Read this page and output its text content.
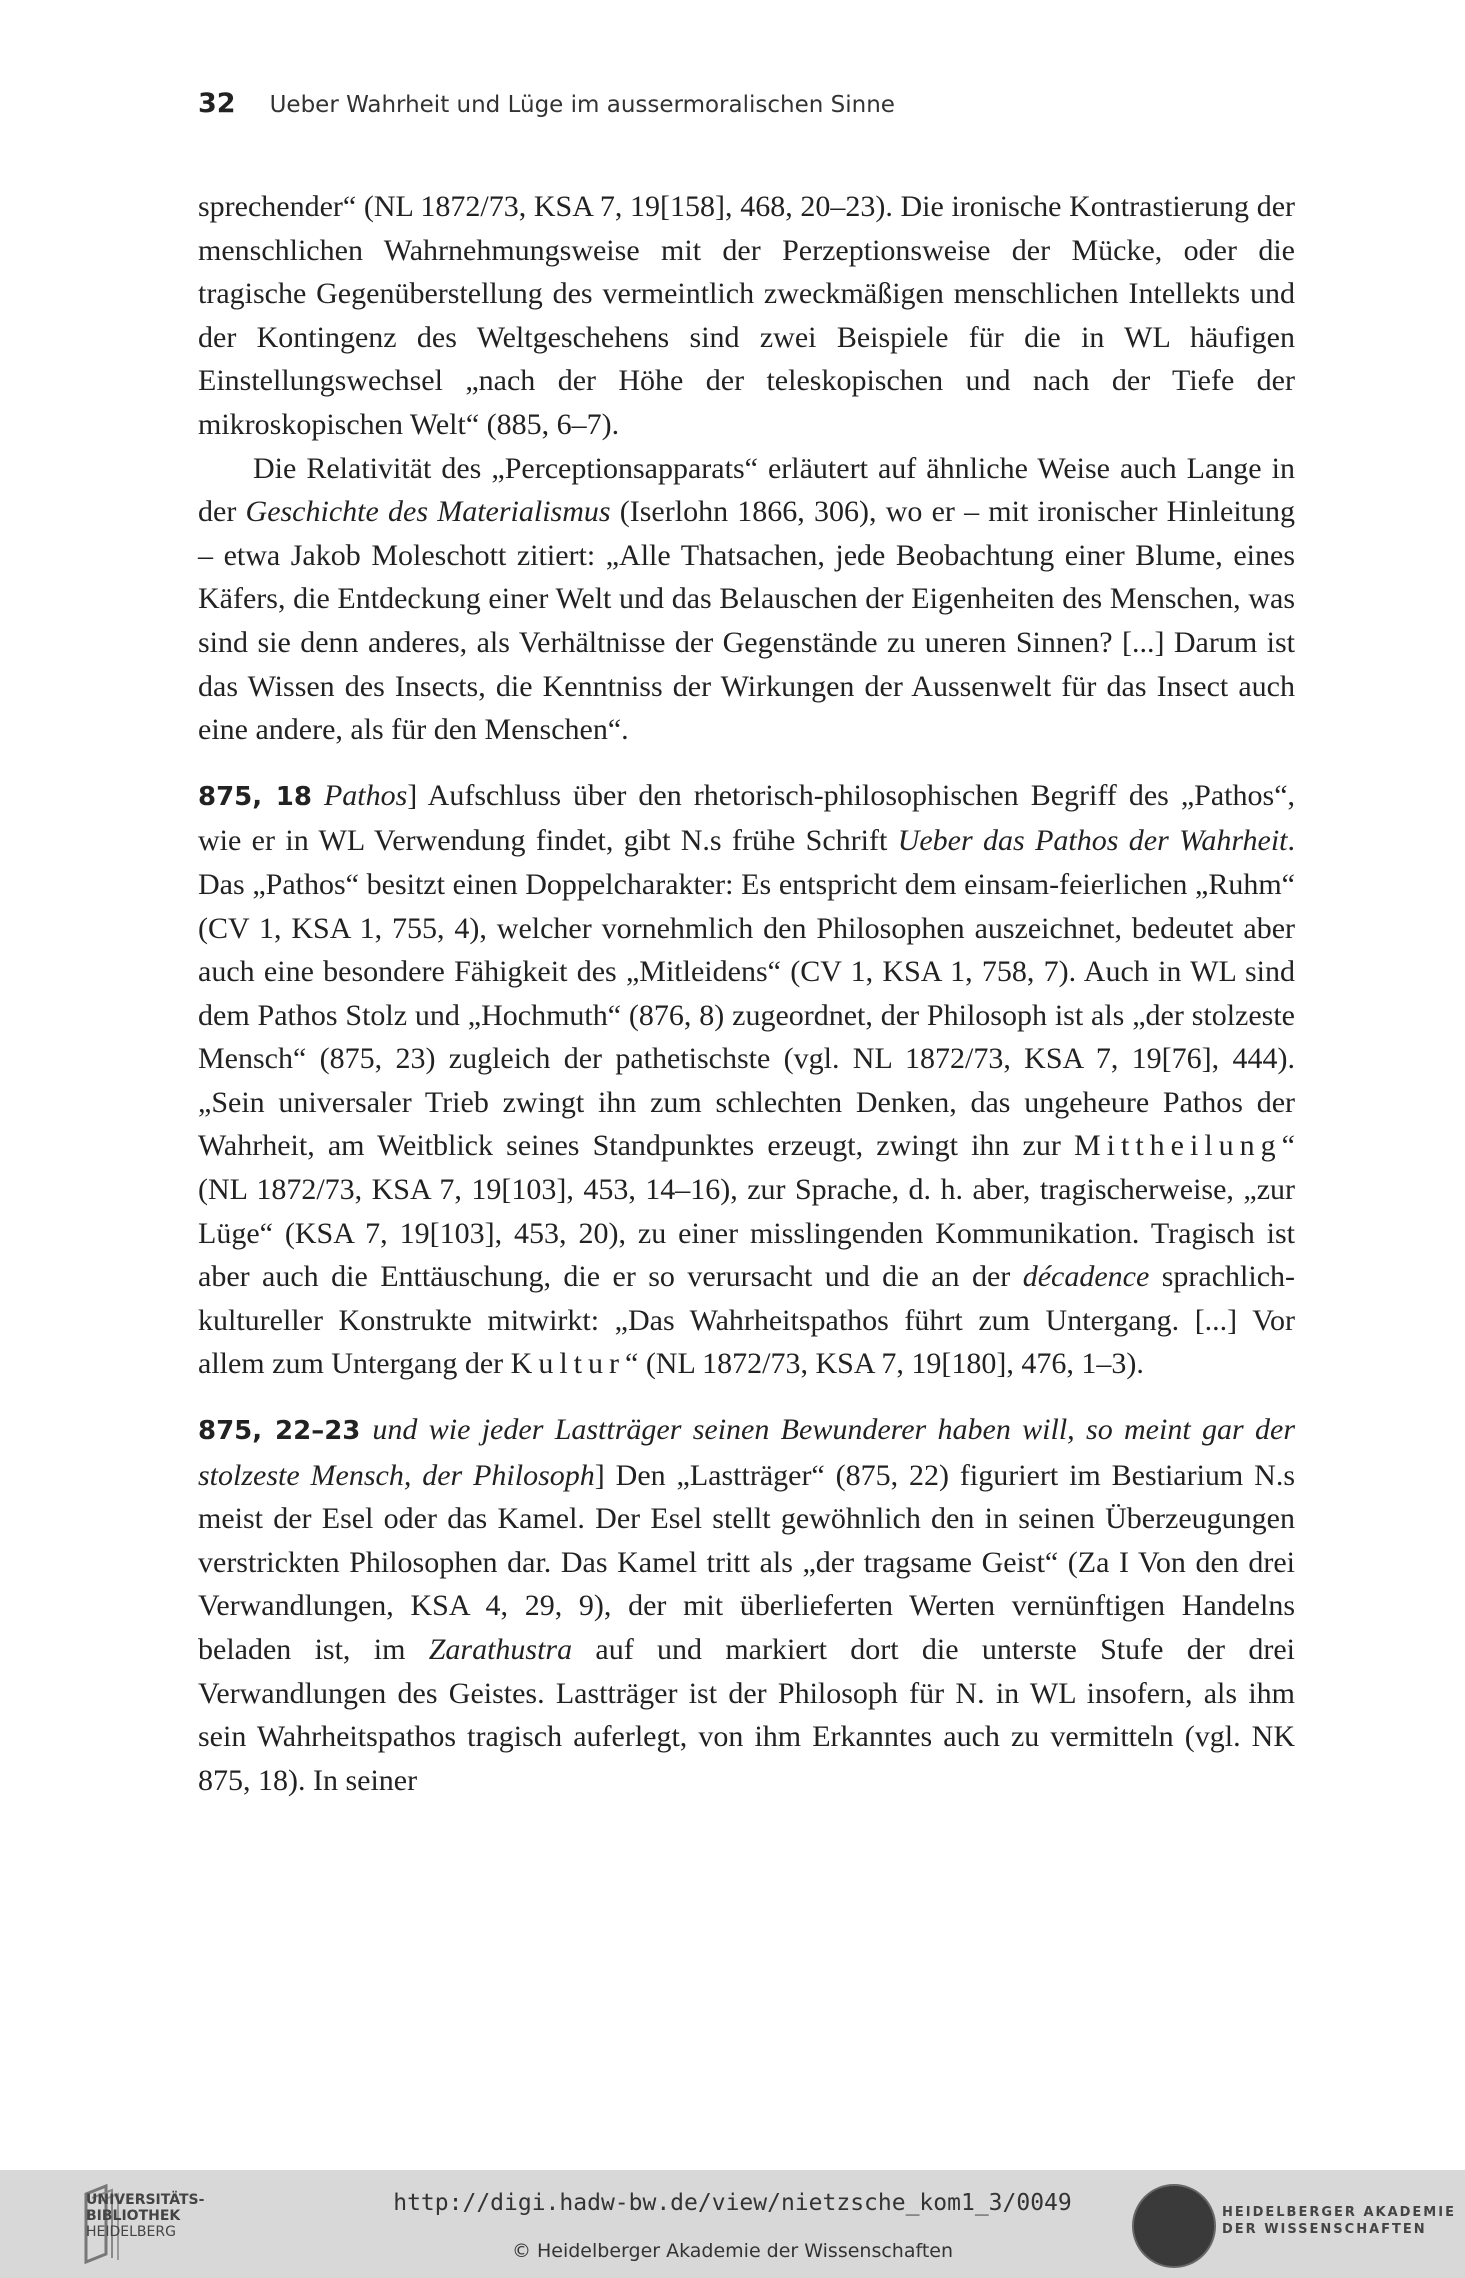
32 Ueber Wahrheit und Lüge im aussermoralischen Sinne

sprechender“ (NL 1872/73, KSA 7, 19[158], 468, 20–23). Die ironische Kontrastierung der menschlichen Wahrnehmungsweise mit der Perzeptionsweise der Mücke, oder die tragische Gegenüberstellung des vermeintlich zweckmäßigen menschlichen Intellekts und der Kontingenz des Weltgeschehens sind zwei Beispiele für die in WL häufigen Einstellungswechsel „nach der Höhe der teleskopischen und nach der Tiefe der mikroskopischen Welt“ (885, 6–7).

Die Relativität des „Perceptionsapparats“ erläutert auf ähnliche Weise auch Lange in der Geschichte des Materialismus (Iserlohn 1866, 306), wo er – mit ironischer Hinleitung – etwa Jakob Moleschott zitiert: „Alle Thatsachen, jede Beobachtung einer Blume, eines Käfers, die Entdeckung einer Welt und das Belauschen der Eigenheiten des Menschen, was sind sie denn anderes, als Verhältnisse der Gegenstände zu uneren Sinnen? [...] Darum ist das Wissen des Insects, die Kenntniss der Wirkungen der Aussenwelt für das Insect auch eine andere, als für den Menschen“.

875, 18 Pathos] Aufschluss über den rhetorisch-philosophischen Begriff des „Pathos“, wie er in WL Verwendung findet, gibt N.s frühe Schrift Ueber das Pathos der Wahrheit. Das „Pathos“ besitzt einen Doppelcharakter: Es entspricht dem einsam-feierlichen „Ruhm“ (CV 1, KSA 1, 755, 4), welcher vornehmlich den Philosophen auszeichnet, bedeutet aber auch eine besondere Fähigkeit des „Mitleidens“ (CV 1, KSA 1, 758, 7). Auch in WL sind dem Pathos Stolz und „Hochmuth“ (876, 8) zugeordnet, der Philosoph ist als „der stolzeste Mensch“ (875, 23) zugleich der pathetischste (vgl. NL 1872/73, KSA 7, 19[76], 444). „Sein universaler Trieb zwingt ihn zum schlechten Denken, das ungeheure Pathos der Wahrheit, am Weitblick seines Standpunktes erzeugt, zwingt ihn zur Mittheilung“ (NL 1872/73, KSA 7, 19[103], 453, 14–16), zur Sprache, d. h. aber, tragischerweise, „zur Lüge“ (KSA 7, 19[103], 453, 20), zu einer misslingenden Kommunikation. Tragisch ist aber auch die Enttäuschung, die er so verursacht und die an der décadence sprachlich-kultureller Konstrukte mitwirkt: „Das Wahrheitspathos führt zum Untergang. [...] Vor allem zum Untergang der Kultur“ (NL 1872/73, KSA 7, 19[180], 476, 1–3).

875, 22–23 und wie jeder Lastträger seinen Bewunderer haben will, so meint gar der stolzeste Mensch, der Philosoph] Den „Lastträger“ (875, 22) figuriert im Bestiarium N.s meist der Esel oder das Kamel. Der Esel stellt gewöhnlich den in seinen Überzeugungen verstrickten Philosophen dar. Das Kamel tritt als „der tragsame Geist“ (Za I Von den drei Verwandlungen, KSA 4, 29, 9), der mit überlieferten Werten vernünftigen Handelns beladen ist, im Zarathustra auf und markiert dort die unterste Stufe der drei Verwandlungen des Geistes. Lastträger ist der Philosoph für N. in WL insofern, als ihm sein Wahrheitspathos tragisch auferlegt, von ihm Erkanntes auch zu vermitteln (vgl. NK 875, 18). In seiner

UNIVERSITÄTS-
BIBLIOTHEK
HEIDELBERG
http://digi.hadw-bw.de/view/nietzsche_kom1_3/0049
© Heidelberger Akademie der Wissenschaften
HEIDELBERGER AKADEMIE
DER WISSENSCHAFTEN
